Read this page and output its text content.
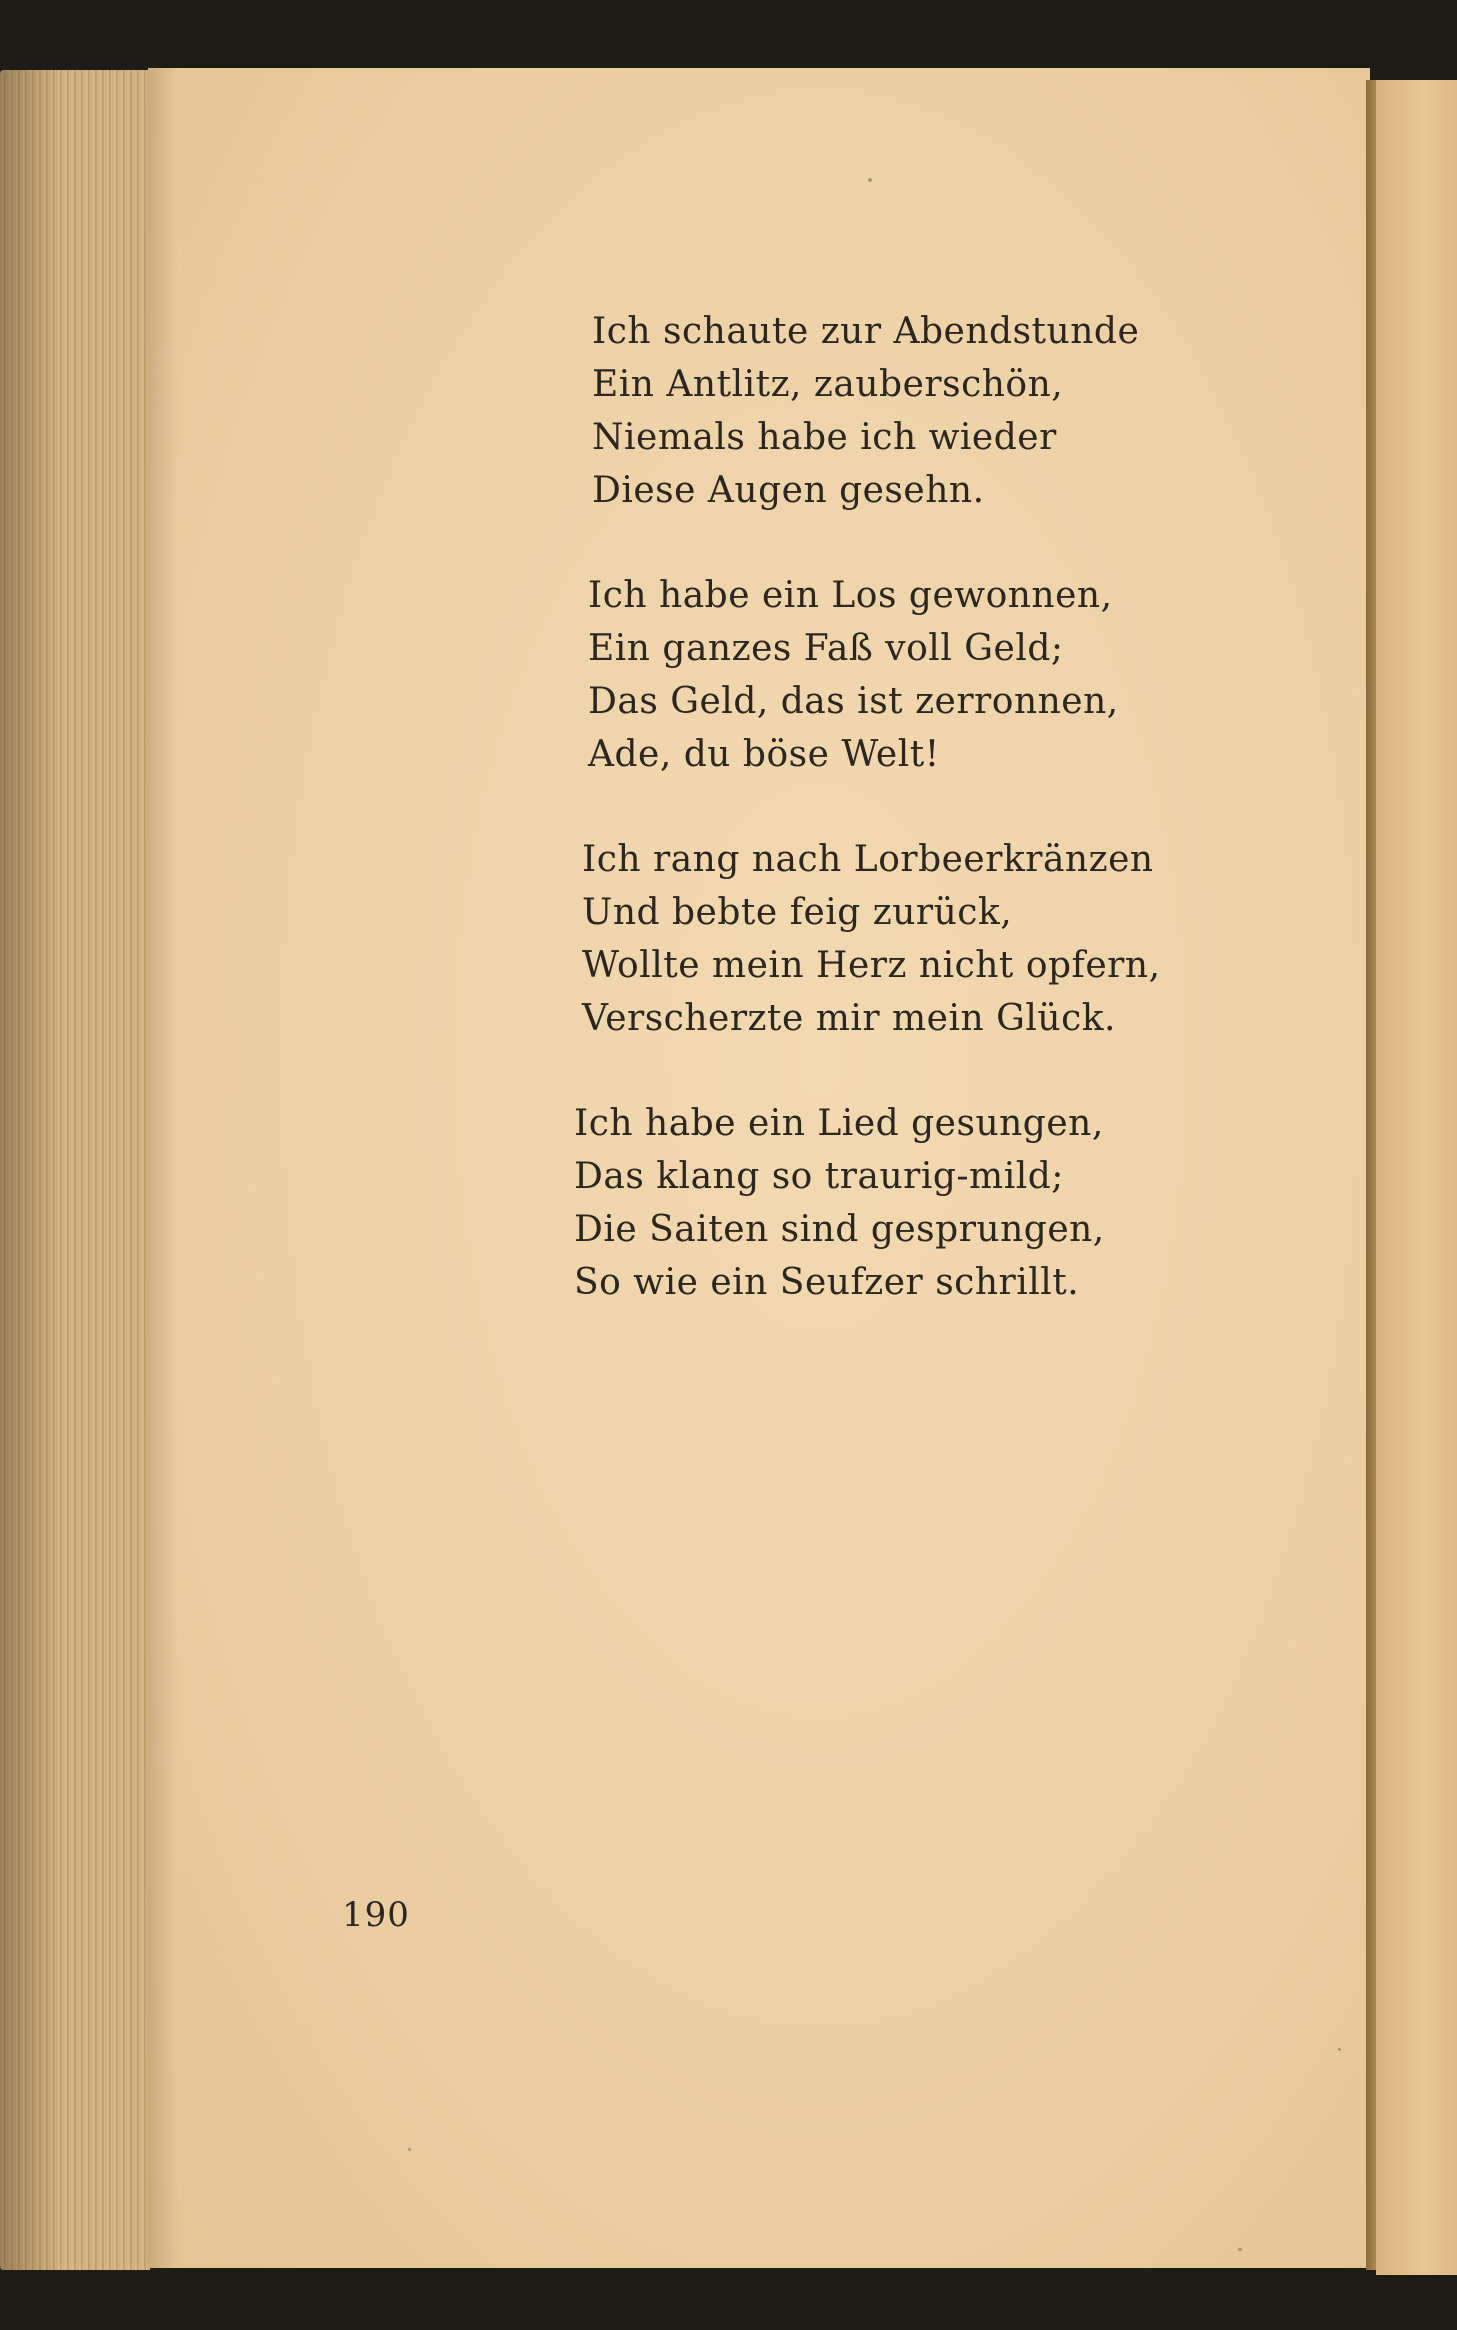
Ich schaute zur Abendstunde
Ein Antlitz, zauberschön,
Niemals habe ich wieder
Diese Augen gesehn.
Ich habe ein Los gewonnen,
Ein ganzes Faß voll Geld;
Das Geld, das ist zerronnen,
Ade, du böse Welt!
Ich rang nach Lorbeerkränzen
Und bebte feig zurück,
Wollte mein Herz nicht opfern,
Verscherzte mir mein Glück.
Ich habe ein Lied gesungen,
Das klang so traurig-mild;
Die Saiten sind gesprungen,
So wie ein Seufzer schrillt.
190
